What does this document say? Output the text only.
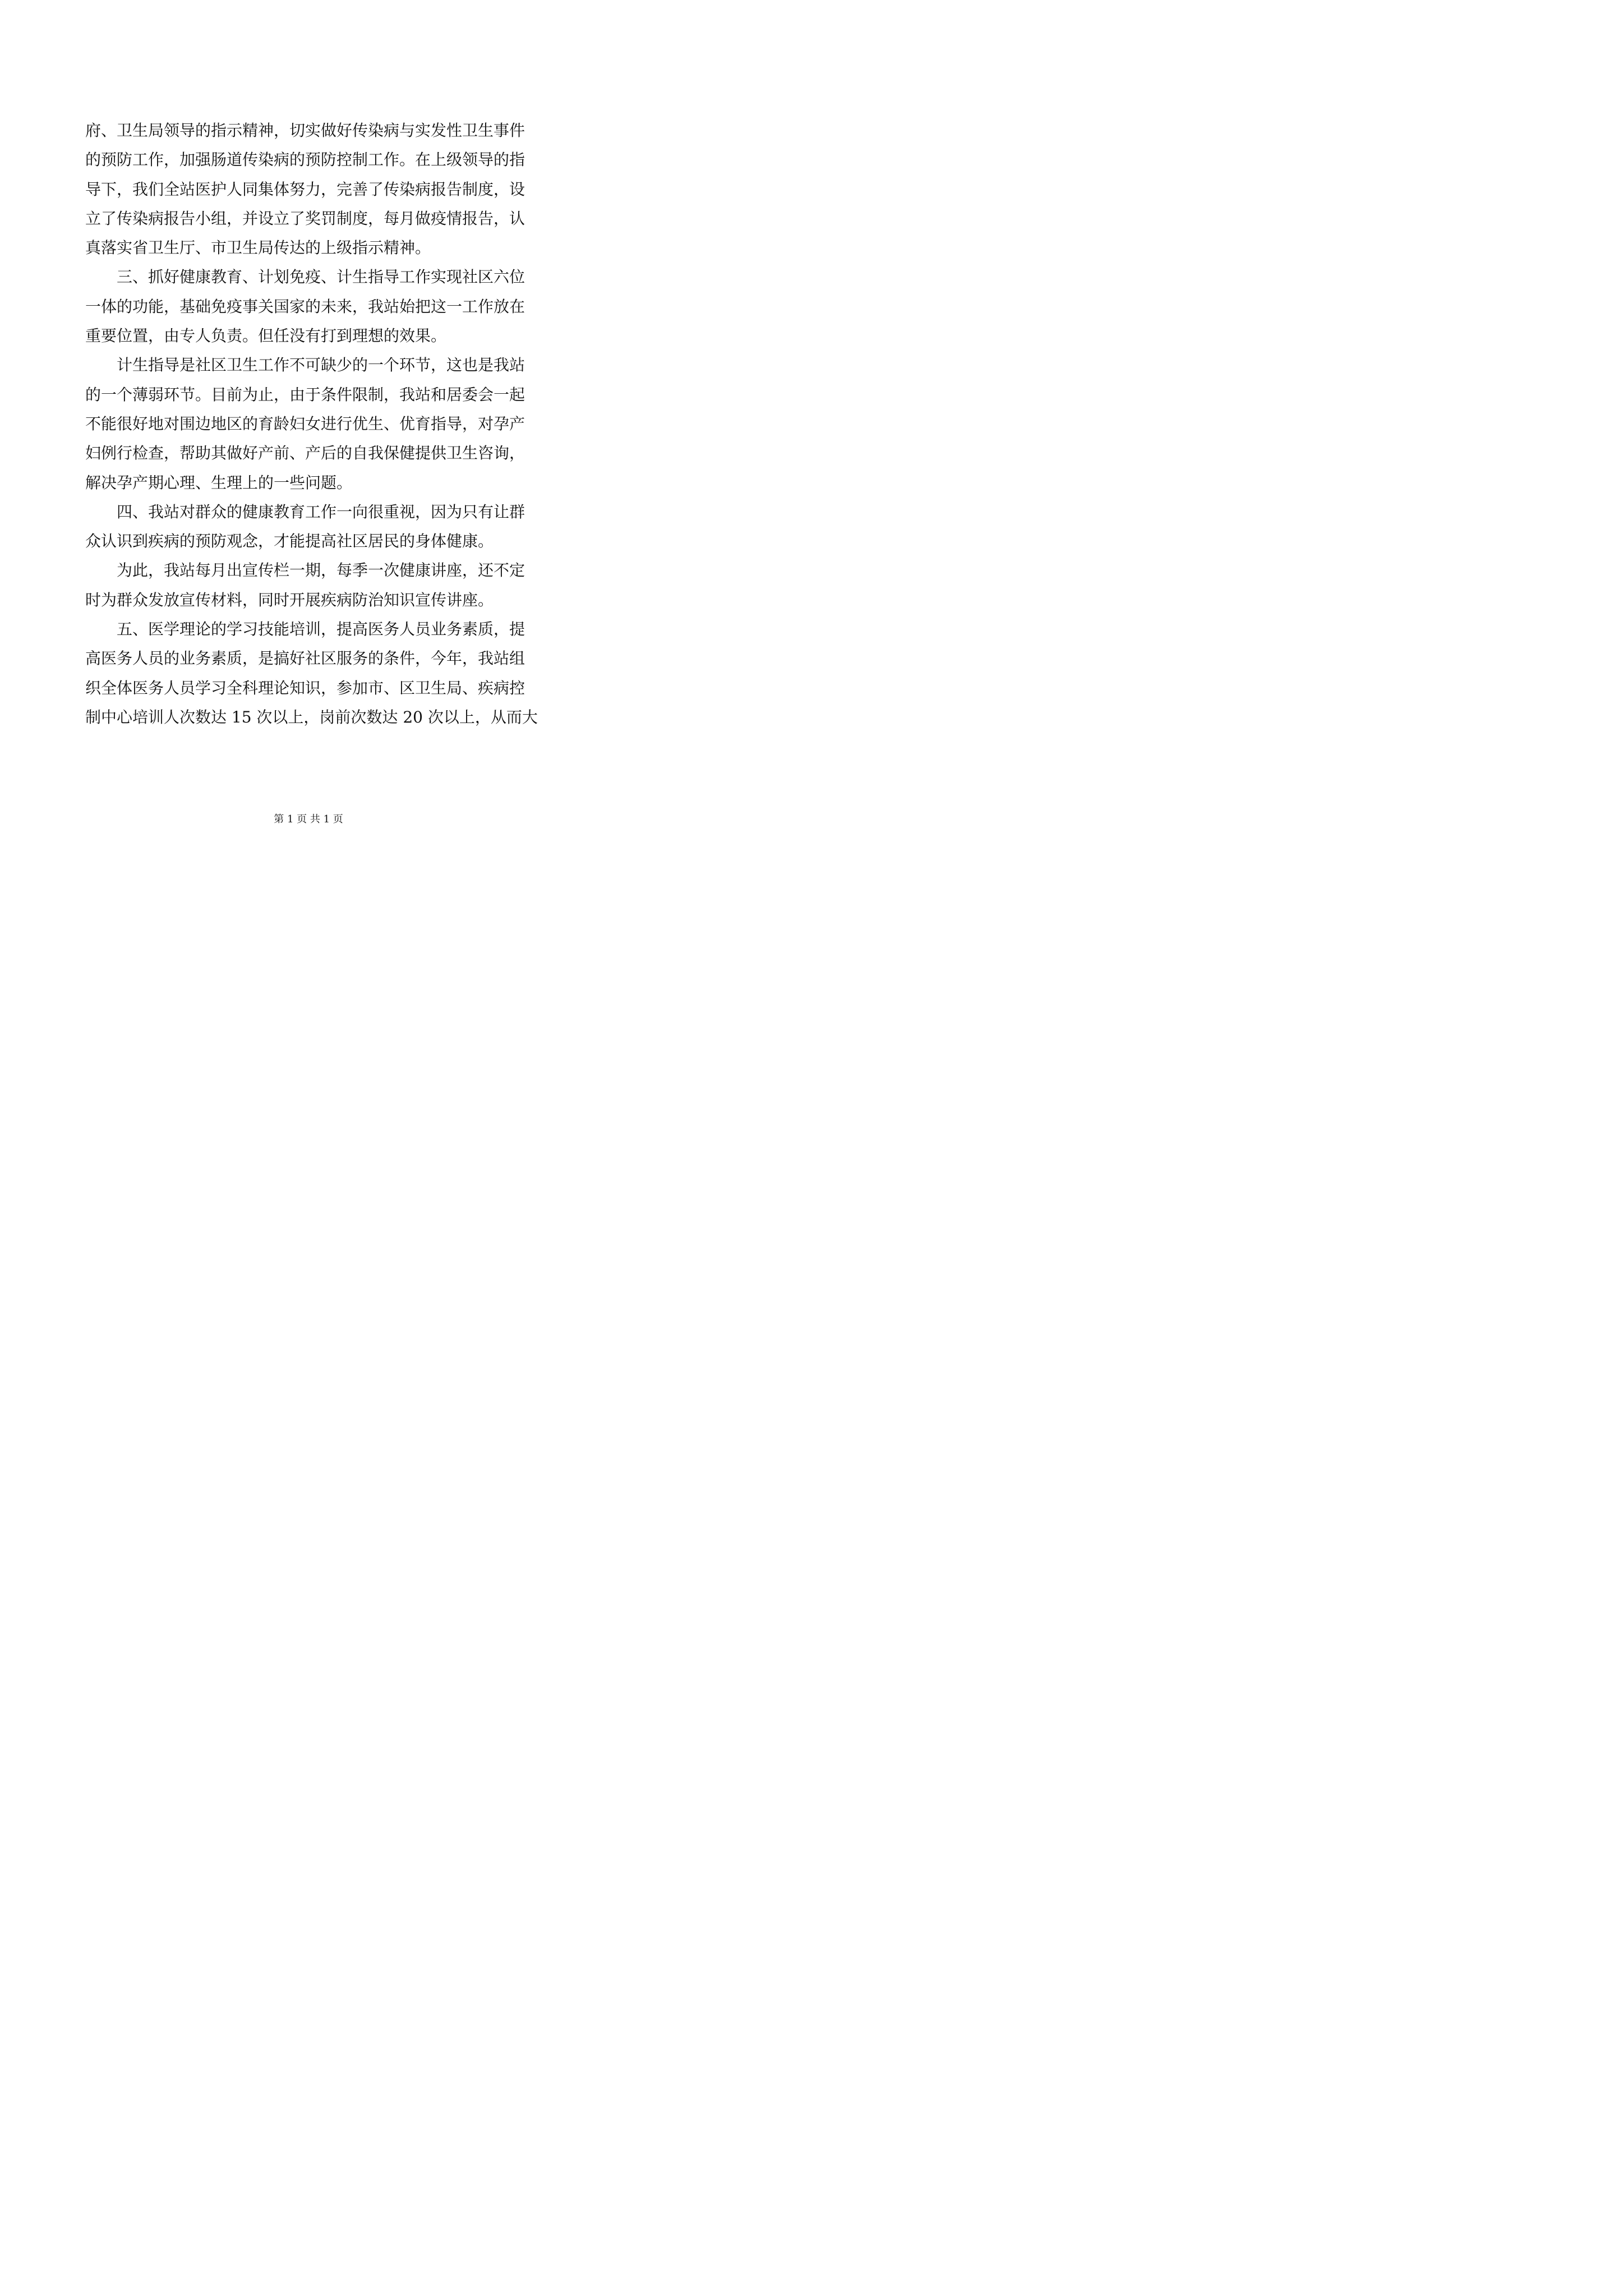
府、卫生局领导的指示精神，切实做好传染病与实发性卫生事件
的预防工作，加强肠道传染病的预防控制工作。在上级领导的指
导下，我们全站医护人同集体努力，完善了传染病报告制度，设
立了传染病报告小组，并设立了奖罚制度，每月做疫情报告，认
真落实省卫生厅、市卫生局传达的上级指示精神。
三、抓好健康教育、计划免疫、计生指导工作实现社区六位
一体的功能，基础免疫事关国家的未来，我站始把这一工作放在
重要位置，由专人负责。但任没有打到理想的效果。
计生指导是社区卫生工作不可缺少的一个环节，这也是我站
的一个薄弱环节。目前为止，由于条件限制，我站和居委会一起
不能很好地对围边地区的育龄妇女进行优生、优育指导，对孕产
妇例行检查，帮助其做好产前、产后的自我保健提供卫生咨询，
解决孕产期心理、生理上的一些问题。
四、我站对群众的健康教育工作一向很重视，因为只有让群
众认识到疾病的预防观念，才能提高社区居民的身体健康。
为此，我站每月出宣传栏一期，每季一次健康讲座，还不定
时为群众发放宣传材料，同时开展疾病防治知识宣传讲座。
五、医学理论的学习技能培训，提高医务人员业务素质，提
高医务人员的业务素质，是搞好社区服务的条件，今年，我站组
织全体医务人员学习全科理论知识，参加市、区卫生局、疾病控
制中心培训人次数达 15 次以上，岗前次数达 20 次以上，从而大
第 1 页 共 1 页
